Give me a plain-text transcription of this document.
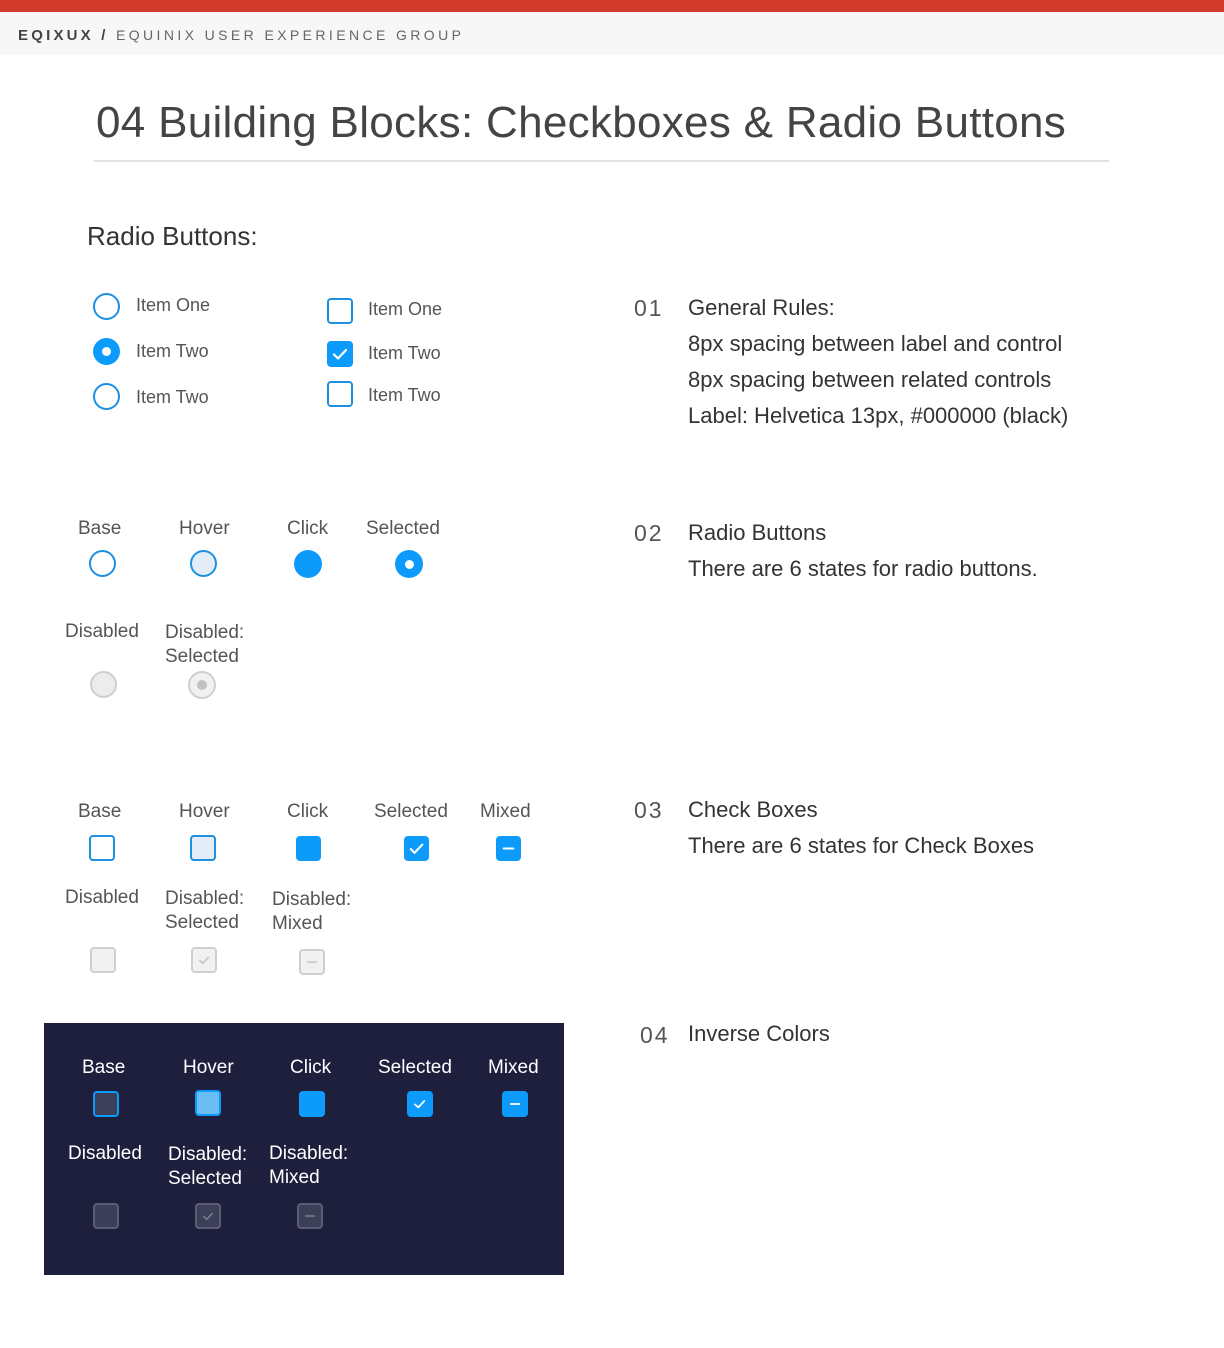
EQIXUX / EQUINIX USER EXPERIENCE GROUP
04 Building Blocks: Checkboxes & Radio Buttons
Radio Buttons:
Item One
Item Two
Item Two
Item One
Item Two
Item Two
Base	Hover	Click Selected
Disabled Disabled:
Selected
Base	Hover	Click Selected Mixed
Disabled Disabled:
Selected
Disabled:
Mixed
Base	Hover	Click Selected Mixed
Disabled Disabled:
Selected
Disabled:
Mixed
01 General Rules:
8px spacing between label and control
8px spacing between related controls
Label: Helvetica 13px, #000000 (black)
02 Radio Buttons
There are 6 states for radio buttons.
03 Check Boxes
There are 6 states for Check Boxes
04 Inverse Colors
